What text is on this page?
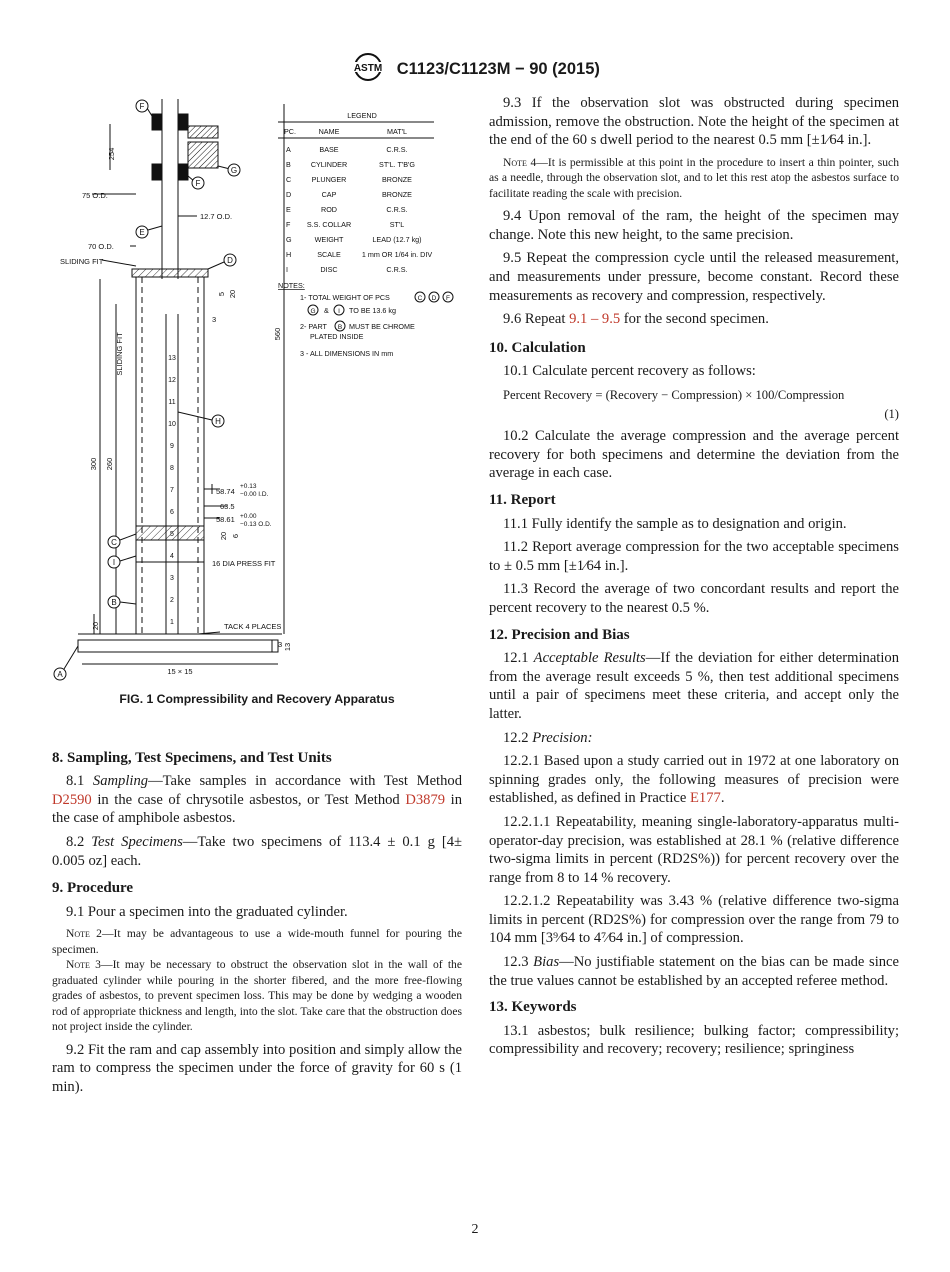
ASTM C1123/C1123M − 90 (2015)
1
2
3
4
5
6
7
8
9
10
11
12
13
F
G
F
E
D
H
C
I
B
A
254
75 O.D.
12.7 O.D.
70 O.D.
SLIDING FIT
SLIDING FIT	560
5 20
3
300 260
58.74
+0.13
−0.00 I.D.
63.5
58.61 +0.00
−0.13 O.D.
20 6
16 DIA PRESS FIT
TACK 4 PLACES
20
3 13
15 × 15
LEGEND
PC.	NAME	MAT'L
A	BASE	C.R.S.
B	CYLINDER	ST'L. T'B'G
C	PLUNGER	BRONZE
D	CAP	BRONZE
E	ROD	C.R.S.
F S.S. COLLAR	ST'L
G	WEIGHT	LEAD (12.7 kg)
H	SCALE	1 mm OR 1/64 in. DIV
I	DISC	C.R.S.
NOTES:
1- TOTAL WEIGHT OF PCS	C D F
G	I
B
&	TO BE 13.6 kg
2- PART	MUST BE CHROME
PLATED INSIDE
3 - ALL DIMENSIONS IN mm
FIG. 1 Compressibility and Recovery Apparatus
8. Sampling, Test Specimens, and Test Units

8.1 Sampling—Take samples in accordance with Test Method D2590 in the case of chrysotile asbestos, or Test Method D3879 in the case of amphibole asbestos.

8.2 Test Specimens—Take two specimens of 113.4 ± 0.1 g [4± 0.005 oz] each.

9. Procedure

9.1 Pour a specimen into the graduated cylinder.

Note 2—It may be advantageous to use a wide-mouth funnel for pouring the specimen.

Note 3—It may be necessary to obstruct the observation slot in the wall of the graduated cylinder while pouring in the shorter fibered, and the more free-flowing grades of asbestos, to prevent specimen loss. This may be done by wedging a wooden rod of appropriate thickness and length, into the slot. Take care that the obstruction does not project inside the cylinder.

9.2 Fit the ram and cap assembly into position and simply allow the ram to compress the specimen under the force of gravity for 60 s (1 min).

9.3 If the observation slot was obstructed during specimen admission, remove the obstruction. Note the height of the specimen at the end of the 60 s dwell period to the nearest 0.5 mm [±1⁄64 in.].

Note 4—It is permissible at this point in the procedure to insert a thin pointer, such as a needle, through the observation slot, and to let this rest atop the asbestos surface to facilitate reading the scale with precision.

9.4 Upon removal of the ram, the height of the specimen may change. Note this new height, to the same precision.

9.5 Repeat the compression cycle until the released measurement, and measurements under pressure, become constant. Record these measurements as recovery and compression, respectively.

9.6 Repeat 9.1 – 9.5 for the second specimen.

10. Calculation

10.1 Calculate percent recovery as follows:

Percent Recovery = (Recovery − Compression) × 100/Compression
(1)

10.2 Calculate the average compression and the average percent recovery for both specimens and determine the deviation from the average in each case.

11. Report

11.1 Fully identify the sample as to designation and origin.

11.2 Report average compression for the two acceptable specimens to ± 0.5 mm [±1⁄64 in.].

11.3 Record the average of two concordant results and report the percent recovery to the nearest 0.5 %.

12. Precision and Bias

12.1 Acceptable Results—If the deviation for either determination from the average result exceeds 5 %, then test additional specimens until a pair of specimens meet these criteria, and accept only the latter.

12.2 Precision:

12.2.1 Based upon a study carried out in 1972 at one laboratory on spinning grades only, the following measures of precision were established, as defined in Practice E177.

12.2.1.1 Repeatability, meaning single-laboratory-apparatus multi-operator-day precision, was established at 28.1 % (relative difference two-sigma limits in percent (RD2S%)) for percent recovery over the range from 8 to 14 % recovery.

12.2.1.2 Repeatability was 3.43 % (relative difference two-sigma limits in percent (RD2S%) for compression over the range from 79 to 104 mm [3⁹⁄64 to 4⁷⁄64 in.] of compression.

12.3 Bias—No justifiable statement on the bias can be made since the true values cannot be established by an accepted referee method.

13. Keywords

13.1 asbestos; bulk resilience; bulking factor; compressibility; compressibility and recovery; recovery; resilience; springiness

2
